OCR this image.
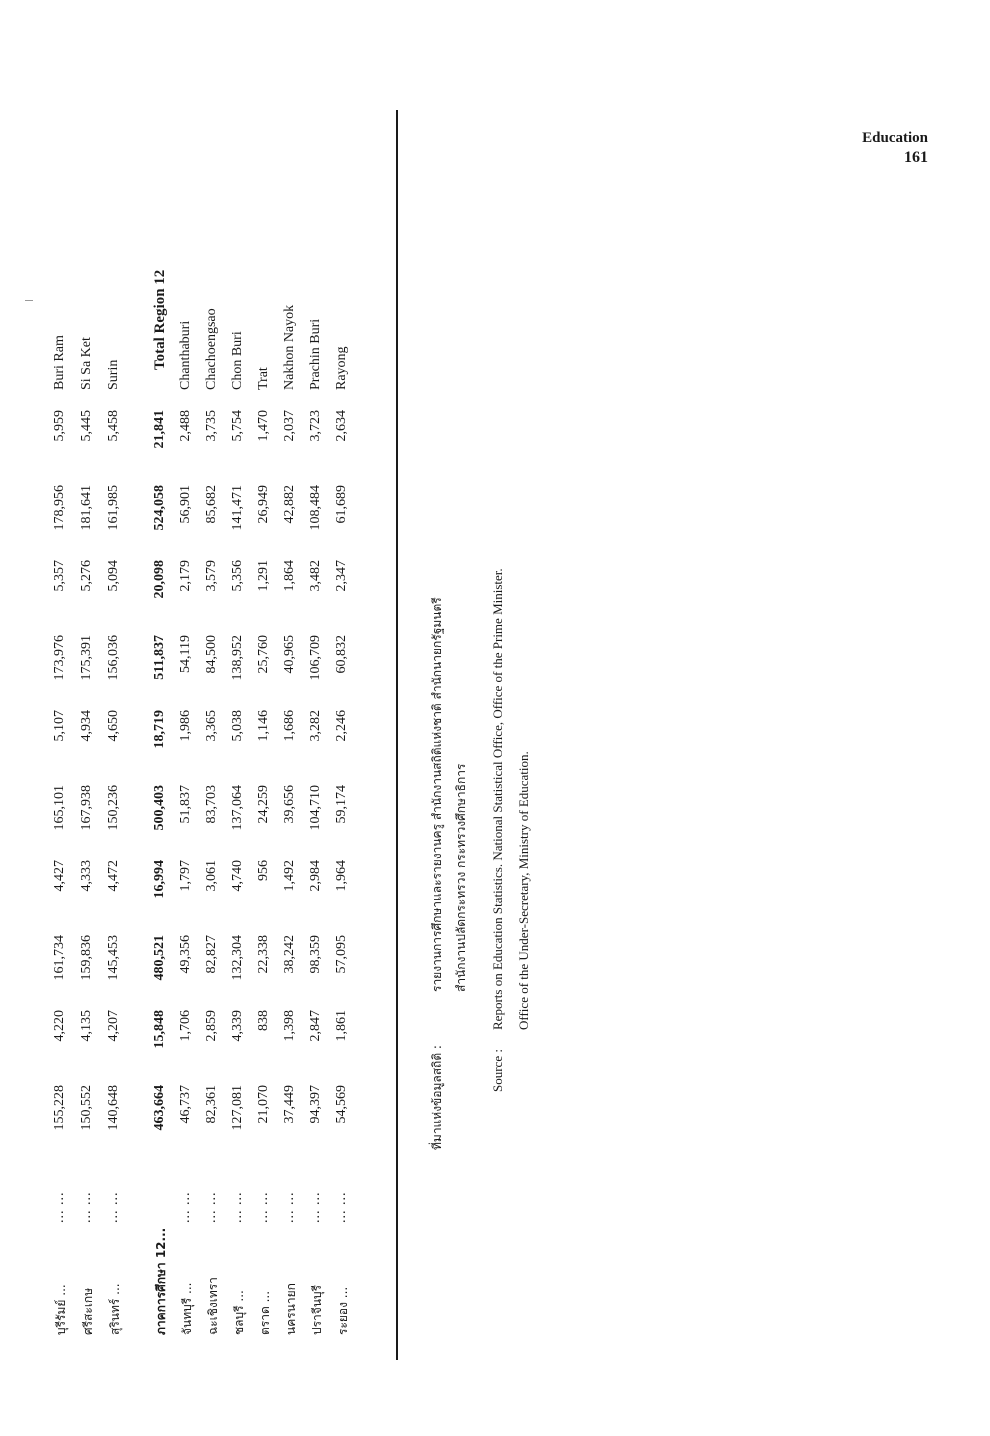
Education
161
บุรีรัมย์ ...
... ...
155,228
4,220
161,734
4,427
165,101
5,107
173,976
5,357
178,956
5,959
Buri Ram
ศรีสะเกษ
... ...
150,552
4,135
159,836
4,333
167,938
4,934
175,391
5,276
181,641
5,445
Si Sa Ket
สุรินทร์ ...
... ...
140,648
4,207
145,453
4,472
150,236
4,650
156,036
5,094
161,985
5,458
Surin
ภาคการศึกษา 12...
463,664
15,848
480,521
16,994
500,403
18,719
511,837
20,098
524,058
21,841
Total Region 12
จันทบุรี ...
... ...
46,737
1,706
49,356
1,797
51,837
1,986
54,119
2,179
56,901
2,488
Chanthaburi
ฉะเชิงเทรา
... ...
82,361
2,859
82,827
3,061
83,703
3,365
84,500
3,579
85,682
3,735
Chachoengsao
ชลบุรี ...
... ...
127,081
4,339
132,304
4,740
137,064
5,038
138,952
5,356
141,471
5,754
Chon Buri
ตราด ...
... ...
21,070
838
22,338
956
24,259
1,146
25,760
1,291
26,949
1,470
Trat
นครนายก
... ...
37,449
1,398
38,242
1,492
39,656
1,686
40,965
1,864
42,882
2,037
Nakhon Nayok
ปราจีนบุรี
... ...
94,397
2,847
98,359
2,984
104,710
3,282
106,709
3,482
108,484
3,723
Prachin Buri
ระยอง ...
... ...
54,569
1,861
57,095
1,964
59,174
2,246
60,832
2,347
61,689
2,634
Rayong
ที่มาแห่งข้อมูลสถิติ :
รายงานการศึกษาและรายงานครู สำนักงานสถิติแห่งชาติ สำนักนายกรัฐมนตรี สำนักงานปลัดกระทรวง กระทรวงศึกษาธิการ
Source :
Reports on Education Statistics. National Statistical Office, Office of the Prime Minister. Office of the Under-Secretary, Ministry of Education.
